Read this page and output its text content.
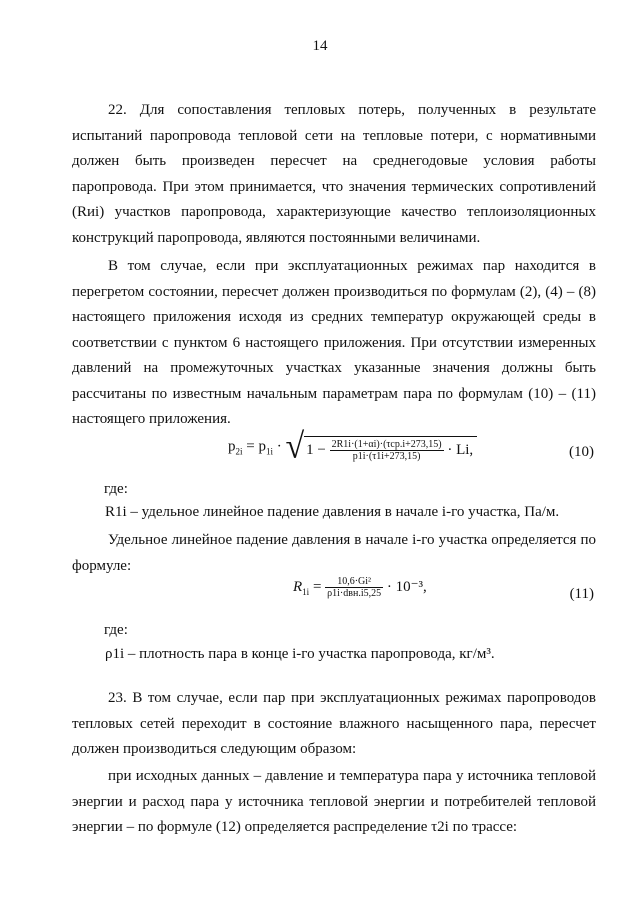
14

22. Для сопоставления тепловых потерь, полученных в результате испытаний паропровода тепловой сети на тепловые потери, с нормативными должен быть произведен пересчет на среднегодовые условия работы паропровода. При этом принимается, что значения термических сопротивлений (Rиі) участков паропровода, характеризующие качество теплоизоляционных конструкций паропровода, являются постоянными величинами.

В том случае, если при эксплуатационных режимах пар находится в перегретом состоянии, пересчет должен производиться по формулам (2), (4) – (8) настоящего приложения исходя из средних температур окружающей среды в соответствии с пунктом 6 настоящего приложения. При отсутствии измеренных давлений на промежуточных участках указанные значения должны быть рассчитаны по известным начальным параметрам пара по формулам (10) – (11) настоящего приложения.

$p_{2i} = p_{1i}$ · √ $1 - \frac{\text{2R1i·(1+αi)·(τср.i+273,15)}}{p1i\cdot(\tau 1i+273,15)} \cdot Li$,	(10)
где:
R1i – удельное линейное падение давления в начале i-го участка, Па/м.

Удельное линейное падение давления в начале i-го участка определяется по формуле:

$R_{1i} = \frac{\text{10,6·Gi²}}{\text{ρ1i·dвн.i5,25}} \cdot 10^{-3}$,	(11)
где:
ρ1i – плотность пара в конце i-го участка паропровода, кг/м³.

23. В том случае, если пар при эксплуатационных режимах паропроводов тепловых сетей переходит в состояние влажного насыщенного пара, пересчет должен производиться следующим образом:

при исходных данных – давление и температура пара у источника тепловой энергии и расход пара у источника тепловой энергии и потребителей тепловой энергии – по формуле (12) определяется распределение τ2i по трассе:
